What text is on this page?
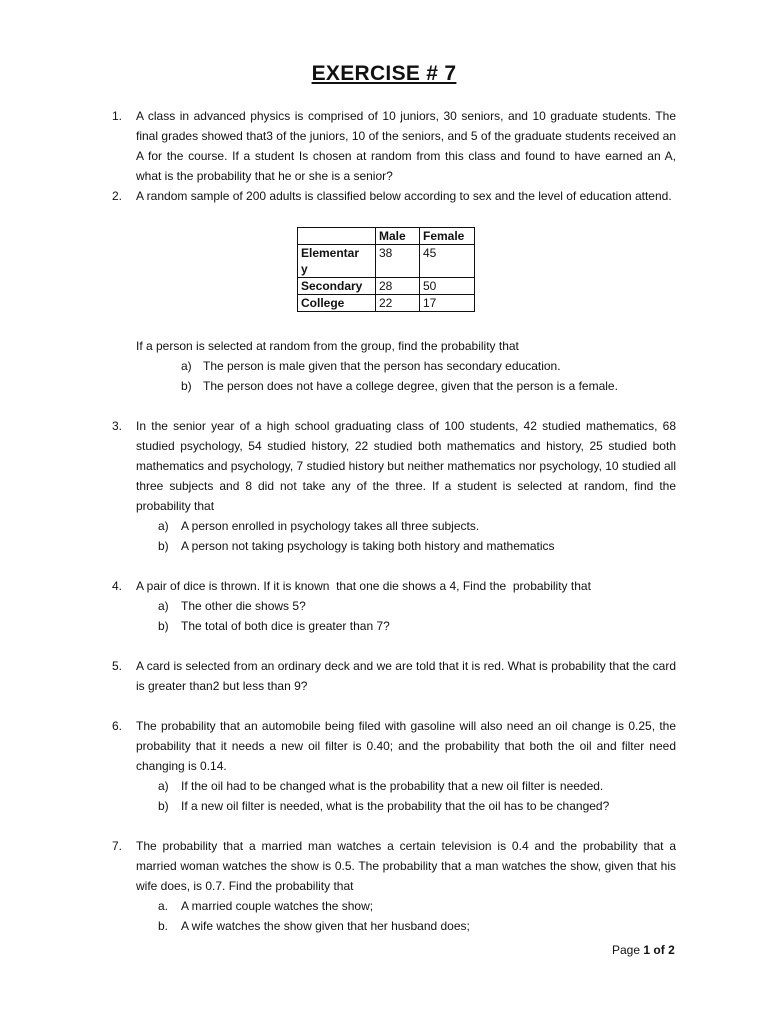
EXERCISE # 7
1. A class in advanced physics is comprised of 10 juniors, 30 seniors, and 10 graduate students. The final grades showed that3 of the juniors, 10 of the seniors, and 5 of the graduate students received an A for the course. If a student Is chosen at random from this class and found to have earned an A, what is the probability that he or she is a senior?

2. A random sample of 200 adults is classified below according to sex and the level of education attend.

	Male	Female

Elementar y	38	45
Secondary	28	50
College	22	17

If a person is selected at random from the group, find the probability that

a) The person is male given that the person has secondary education.
b) The person does not have a college degree, given that the person is a female.
3. In the senior year of a high school graduating class of 100 students, 42 studied mathematics, 68 studied psychology, 54 studied history, 22 studied both mathematics and history, 25 studied both mathematics and psychology, 7 studied history but neither mathematics nor psychology, 10 studied all three subjects and 8 did not take any of the three. If a student is selected at random, find the probability that

a) A person enrolled in psychology takes all three subjects.
b) A person not taking psychology is taking both history and mathematics
4. A pair of dice is thrown. If it is known  that one die shows a 4, Find the  probability that

a) The other die shows 5?
b) The total of both dice is greater than 7?
5. A card is selected from an ordinary deck and we are told that it is red. What is probability that the card is greater than2 but less than 9?

6. The probability that an automobile being filed with gasoline will also need an oil change is 0.25, the probability that it needs a new oil filter is 0.40; and the probability that both the oil and filter need changing is 0.14.

a) If the oil had to be changed what is the probability that a new oil filter is needed.
b) If a new oil filter is needed, what is the probability that the oil has to be changed?
7. The probability that a married man watches a certain television is 0.4 and the probability that a married woman watches the show is 0.5. The probability that a man watches the show, given that his wife does, is 0.7. Find the probability that

a. A married couple watches the show;
b. A wife watches the show given that her husband does;
Page 1 of 2
